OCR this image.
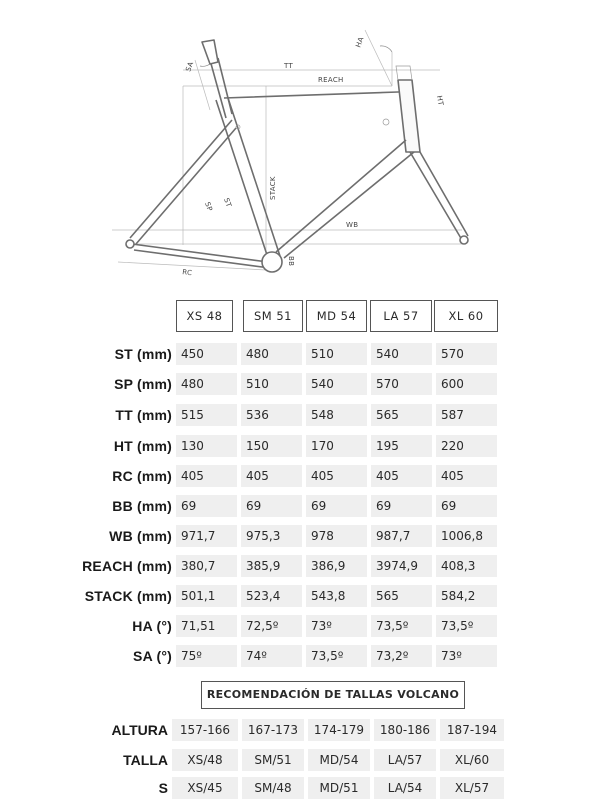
SA	TT
REACH
HA
HT
STACK
SP ST
WB
BB
RC
XS 48	SM 51	MD 54	LA 57	XL 60
ST (mm) 450	480	510	540	570
SP (mm) 480	510	540	570	600
TT (mm) 515	536	548	565	587
HT (mm) 130	150	170	195	220
RC (mm) 405	405	405	405	405
BB (mm) 69	69	69	69	69
WB (mm) 971,7	975,3	978	987,7	1006,8
REACH (mm) 380,7	385,9	386,9	3974,9	408,3
STACK (mm) 501,1	523,4	543,8	565	584,2
HA (°) 71,51	72,5º	73º	73,5º	73,5º
SA (°) 75º	74º	73,5º	73,2º	73º
RECOMENDACIÓN DE TALLAS VOLCANO
ALTURA 157-166	167-173	174-179	180-186	187-194
TALLA	XS/48	SM/51	MD/54	LA/57	XL/60
S	XS/45	SM/48	MD/51	LA/54	XL/57
